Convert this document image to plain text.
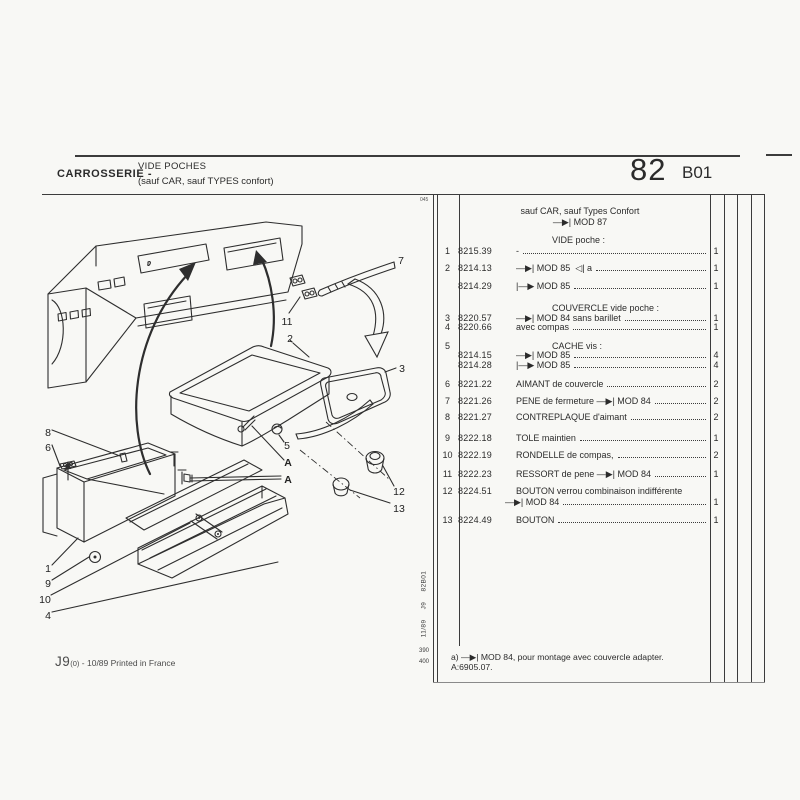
CARROSSERIE -
VIDE POCHES
(sauf CAR, sauf TYPES confort)	82 B01
sauf CAR, sauf Types Confort
—▶| MOD 87
VIDE poche :
1 8215.39	-	1
2 8214.13	—▶| MOD 85  ◁| a	1
8214.29	|—▶ MOD 85	1
COUVERCLE vide poche :
3 8220.57	—▶| MOD 84 sans barillet	1
4 8220.66	avec compas	1
5	CACHE vis :
8214.15	—▶| MOD 85	4
8214.28	|—▶ MOD 85	4
6 8221.22	AIMANT de couvercle	2
7 8221.26	PENE de fermeture —▶| MOD 84	2
8 8221.27	CONTREPLAQUE d'aimant	2
9 8222.18	TOLE maintien	1
10 8222.19	RONDELLE de compas,	2
11 8222.23	RESSORT de pene —▶| MOD 84	1
12 8224.51	BOUTON verrou combinaison indifférente
—▶| MOD 84	1
13 8224.49	BOUTON	1
a) —▶| MOD 84, pour montage avec couvercle adapter.
A:6905.07.
11/89 J9 82B01
390
400
045
J9(0) - 10/89 Printed in France
7
11
2
3
5
A
A
12
13
8
6
1
9
10
4
